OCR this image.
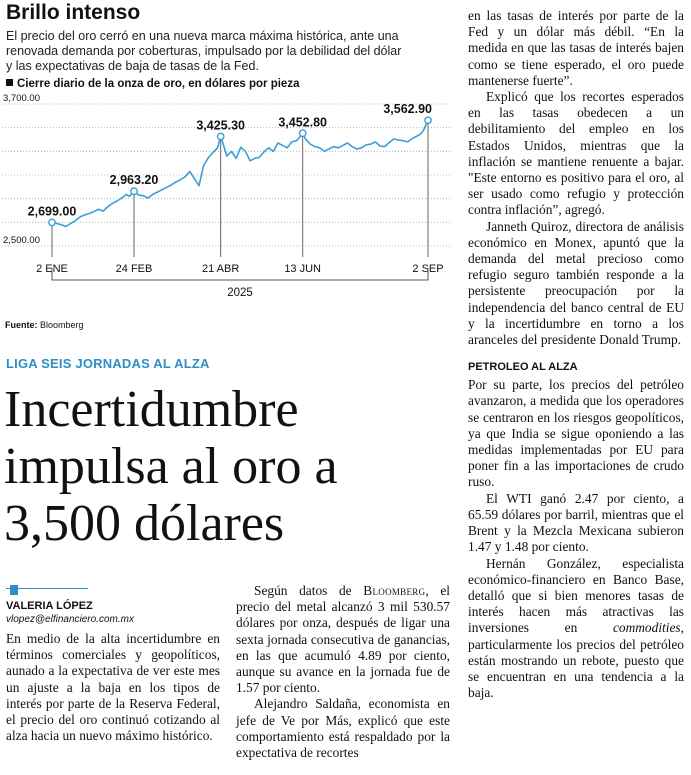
Brillo intenso
El precio del oro cerró en una nueva marca máxima histórica, ante una renovada demanda por coberturas, impulsado por la debilidad del dólar y las expectativas de baja de tasas de la Fed.
Cierre diario de la onza de oro, en dólares por pieza
2,699.00
2,963.20
3,425.30	3,452.80
3,562.90
3,700.00
2,500.00
2 ENE	24 FEB	21 ABR	13 JUN	2 SEP
2025
Fuente: Bloomberg
LIGA SEIS JORNADAS AL ALZA
Incertidumbre impulsa al oro a 3,500 dólares
VALERIA LÓPEZ
vlopez@elfinanciero.com.mx

En medio de la alta incertidumbre en términos comerciales y geopolíticos, aunado a la expectativa de ver este mes un ajuste a la baja en los tipos de interés por parte de la Reserva Federal, el precio del oro continuó cotizando al alza hacia un nuevo máximo histórico.

Según datos de Bloomberg, el precio del metal alcanzó 3 mil 530.57 dólares por onza, después de ligar una sexta jornada consecutiva de ganancias, en las que acumuló 4.89 por ciento, aunque su avance en la jornada fue de 1.57 por ciento.

Alejandro Saldaña, economista en jefe de Ve por Más, explicó que este comportamiento está respaldado por la expectativa de recortes

en las tasas de interés por parte de la Fed y un dólar más débil. “En la medida en que las tasas de interés bajen como se tiene esperado, el oro puede mantenerse fuerte”.

Explicó que los recortes esperados en las tasas obedecen a un debilitamiento del empleo en los Estados Unidos, mientras que la inflación se mantiene renuente a bajar. "Este entorno es positivo para el oro, al ser usado como refugio y protección contra inflación”, agregó.

Janneth Quiroz, directora de análisis económico en Monex, apuntó que la demanda del metal precioso como refugio seguro también responde a la persistente preocupación por la independencia del banco central de EU y la incertidumbre en torno a los aranceles del presidente Donald Trump.

PETROLEO AL ALZA

Por su parte, los precios del petróleo avanzaron, a medida que los operadores se centraron en los riesgos geopolíticos, ya que India se sigue oponiendo a las medidas implementadas por EU para poner fin a las importaciones de crudo ruso.

El WTI ganó 2.47 por ciento, a 65.59 dólares por barril, mientras que el Brent y la Mezcla Mexicana subieron 1.47 y 1.48 por ciento.

Hernán González, especialista económico-financiero en Banco Base, detalló que si bien menores tasas de interés hacen más atractivas las inversiones en commodities, particularmente los precios del petróleo están mostrando un rebote, puesto que se encuentran en una tendencia a la baja.
